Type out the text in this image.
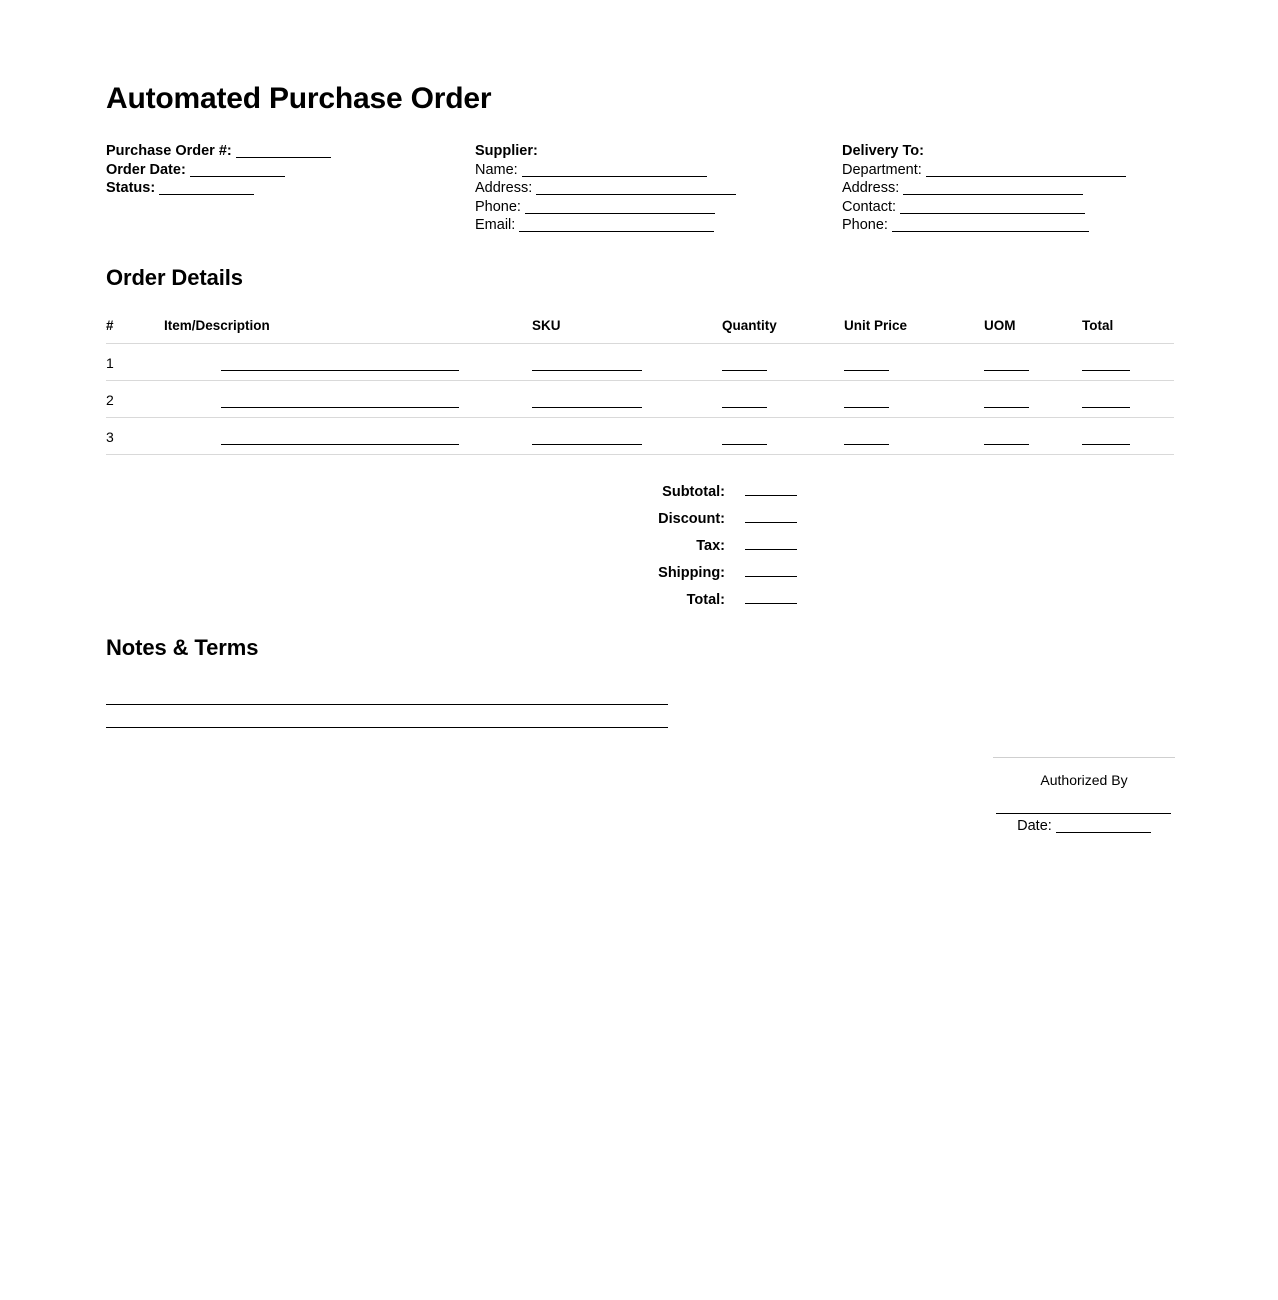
Automated Purchase Order
Purchase Order #:
Order Date:
Status:
Supplier:
Name:
Address:
Phone:
Email:
Delivery To:
Department:
Address:
Contact:
Phone:
Order Details
#	Item/Description	SKU	Quantity	Unit Price	UOM	Total
1						
2						
3						
Subtotal:
Discount:
Tax:
Shipping:
Total:
Notes & Terms
Authorized By
Date:
